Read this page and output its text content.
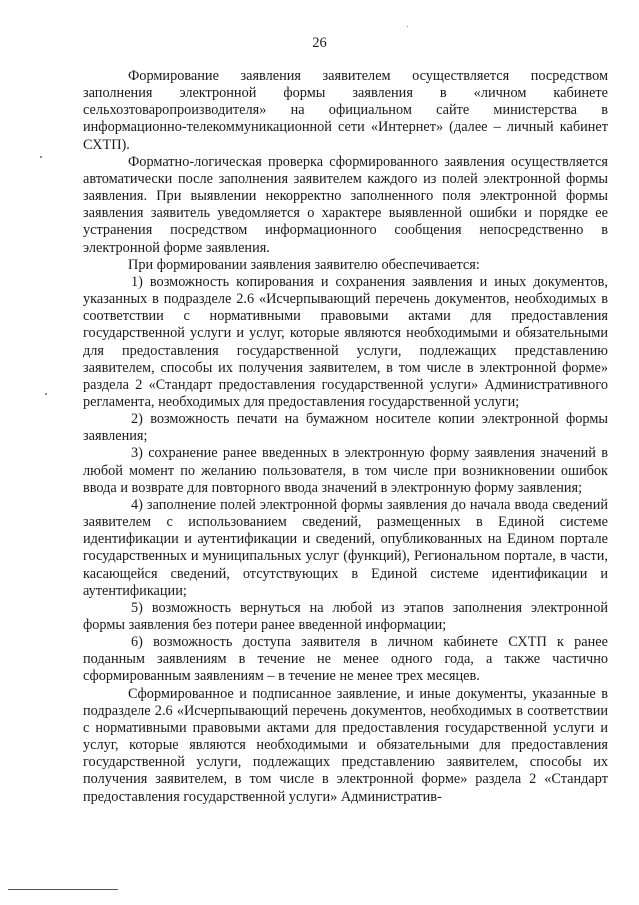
26

Формирование заявления заявителем осуществляется посредством заполнения электронной формы заявления в «личном кабинете сельхозтоваропроизводителя» на официальном сайте министерства в информационно-телекоммуникационной сети «Интернет» (далее – личный кабинет СХТП).

Форматно-логическая проверка сформированного заявления осуществляется автоматически после заполнения заявителем каждого из полей электронной формы заявления. При выявлении некорректно заполненного поля электронной формы заявления заявитель уведомляется о характере выявленной ошибки и порядке ее устранения посредством информационного сообщения непосредственно в электронной форме заявления.

При формировании заявления заявителю обеспечивается:

1) возможность копирования и сохранения заявления и иных документов, указанных в подразделе 2.6 «Исчерпывающий перечень документов, необходимых в соответствии с нормативными правовыми актами для предоставления государственной услуги и услуг, которые являются необходимыми и обязательными для предоставления государственной услуги, подлежащих представлению заявителем, способы их получения заявителем, в том числе в электронной форме» раздела 2 «Стандарт предоставления государственной услуги» Административного регламента, необходимых для предоставления государственной услуги;

2) возможность печати на бумажном носителе копии электронной формы заявления;

3) сохранение ранее введенных в электронную форму заявления значений в любой момент по желанию пользователя, в том числе при возникновении ошибок ввода и возврате для повторного ввода значений в электронную форму заявления;

4) заполнение полей электронной формы заявления до начала ввода сведений заявителем с использованием сведений, размещенных в Единой системе идентификации и аутентификации и сведений, опубликованных на Едином портале государственных и муниципальных услуг (функций), Региональном портале, в части, касающейся сведений, отсутствующих в Единой системе идентификации и аутентификации;

5) возможность вернуться на любой из этапов заполнения электронной формы заявления без потери ранее введенной информации;

6) возможность доступа заявителя в личном кабинете СХТП к ранее поданным заявлениям в течение не менее одного года, а также частично сформированным заявлениям – в течение не менее трех месяцев.

Сформированное и подписанное заявление, и иные документы, указанные в подразделе 2.6 «Исчерпывающий перечень документов, необходимых в соответствии с нормативными правовыми актами для предоставления государственной услуги и услуг, которые являются необходимыми и обязательными для предоставления государственной услуги, подлежащих представлению заявителем, способы их получения заявителем, в том числе в электронной форме» раздела 2 «Стандарт предоставления государственной услуги» Административ-
